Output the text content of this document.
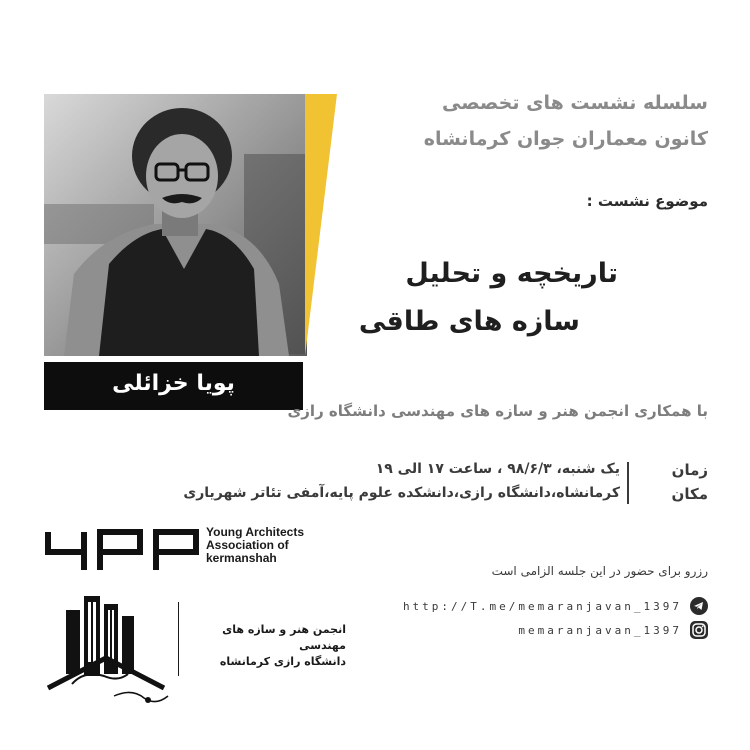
سلسله نشست های تخصصی
کانون معماران جوان کرمانشاه
موضوع نشست :
تاریخچه و تحلیل
سازه های طاقی
پویا خزائلی
با همکاری انجمن هنر و سازه های مهندسی دانشگاه رازی
زمان
مکان
یک شنبه، ۹۸/۶/۳ ، ساعت ۱۷ الی ۱۹
کرمانشاه،دانشگاه رازی،دانشکده علوم پایه،آمفی تئاتر شهریاری
Young Architects
Association of
kermanshah
انجمن هنر و سازه های مهندسی
دانشگاه رازی کرمانشاه
رزرو برای حضور در این جلسه الزامی است
http://T.me/memaranjavan_1397
memaranjavan_1397
